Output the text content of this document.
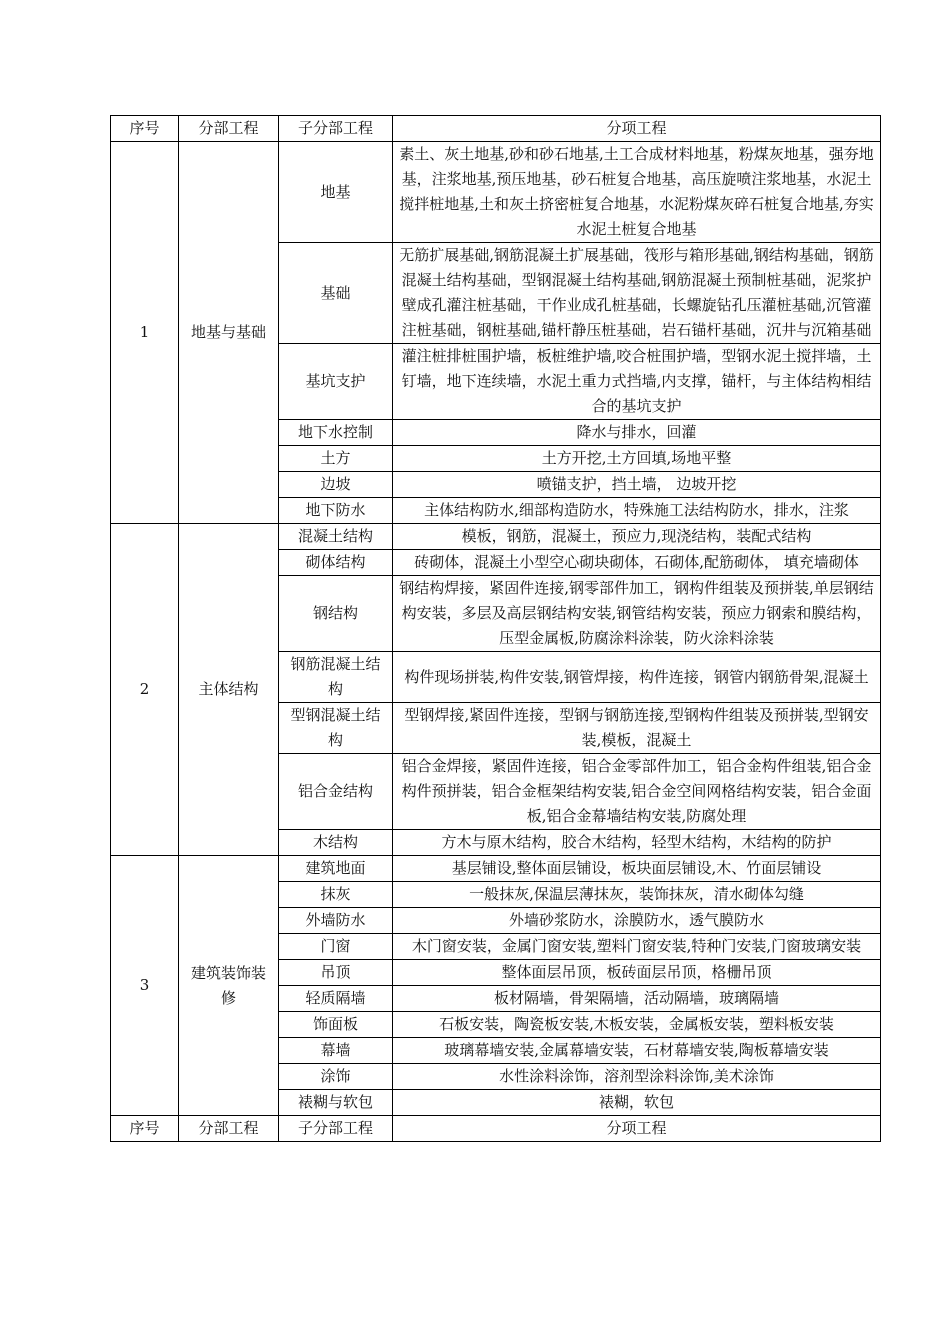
序号	分部工程	子分部工程	分项工程
1	地基与基础	地基	素土、灰土地基,砂和砂石地基,土工合成材料地基，粉煤灰地基，强夯地基，注浆地基,预压地基，砂石桩复合地基，高压旋喷注浆地基，水泥土搅拌桩地基,土和灰土挤密桩复合地基，水泥粉煤灰碎石桩复合地基,夯实水泥土桩复合地基
		基础	无筋扩展基础,钢筋混凝土扩展基础，筏形与箱形基础,钢结构基础，钢筋混凝土结构基础，型钢混凝土结构基础,钢筋混凝土预制桩基础，泥浆护壁成孔灌注桩基础，干作业成孔桩基础，长螺旋钻孔压灌桩基础,沉管灌注桩基础，钢桩基础,锚杆静压桩基础，岩石锚杆基础，沉井与沉箱基础
		基坑支护	灌注桩排桩围护墙，板桩维护墙,咬合桩围护墙，型钢水泥土搅拌墙，土钉墙，地下连续墙，水泥土重力式挡墙,内支撑，锚杆，与主体结构相结合的基坑支护
		地下水控制	降水与排水，回灌
		土方	土方开挖,土方回填,场地平整
		边坡	喷锚支护，挡土墙， 边坡开挖
		地下防水	主体结构防水,细部构造防水，特殊施工法结构防水，排水，注浆
2	主体结构	混凝土结构	模板，钢筋，混凝土，预应力,现浇结构，装配式结构
		砌体结构	砖砌体，混凝土小型空心砌块砌体，石砌体,配筋砌体， 填充墙砌体
		钢结构	钢结构焊接，紧固件连接,钢零部件加工，钢构件组装及预拼装,单层钢结构安装，多层及高层钢结构安装,钢管结构安装，预应力钢索和膜结构，压型金属板,防腐涂料涂装，防火涂料涂装
		钢筋混凝土结构	构件现场拼装,构件安装,钢管焊接，构件连接，钢管内钢筋骨架,混凝土
		型钢混凝土结构	型钢焊接,紧固件连接，型钢与钢筋连接,型钢构件组装及预拼装,型钢安装,模板，混凝土
		铝合金结构	铝合金焊接，紧固件连接，铝合金零部件加工，铝合金构件组装,铝合金构件预拼装，铝合金框架结构安装,铝合金空间网格结构安装，铝合金面板,铝合金幕墙结构安装,防腐处理
		木结构	方木与原木结构，胶合木结构，轻型木结构，木结构的防护
3	建筑装饰装修	建筑地面	基层铺设,整体面层铺设，板块面层铺设,木、竹面层铺设
		抹灰	一般抹灰,保温层薄抹灰，装饰抹灰，清水砌体勾缝
		外墙防水	外墙砂浆防水，涂膜防水，透气膜防水
		门窗	木门窗安装，金属门窗安装,塑料门窗安装,特种门安装,门窗玻璃安装
		吊顶	整体面层吊顶，板砖面层吊顶，格栅吊顶
		轻质隔墙	板材隔墙，骨架隔墙，活动隔墙，玻璃隔墙
		饰面板	石板安装，陶瓷板安装,木板安装，金属板安装，塑料板安装
		幕墙	玻璃幕墙安装,金属幕墙安装，石材幕墙安装,陶板幕墙安装
		涂饰	水性涂料涂饰，溶剂型涂料涂饰,美术涂饰
		裱糊与软包	裱糊，软包
序号	分部工程	子分部工程	分项工程
